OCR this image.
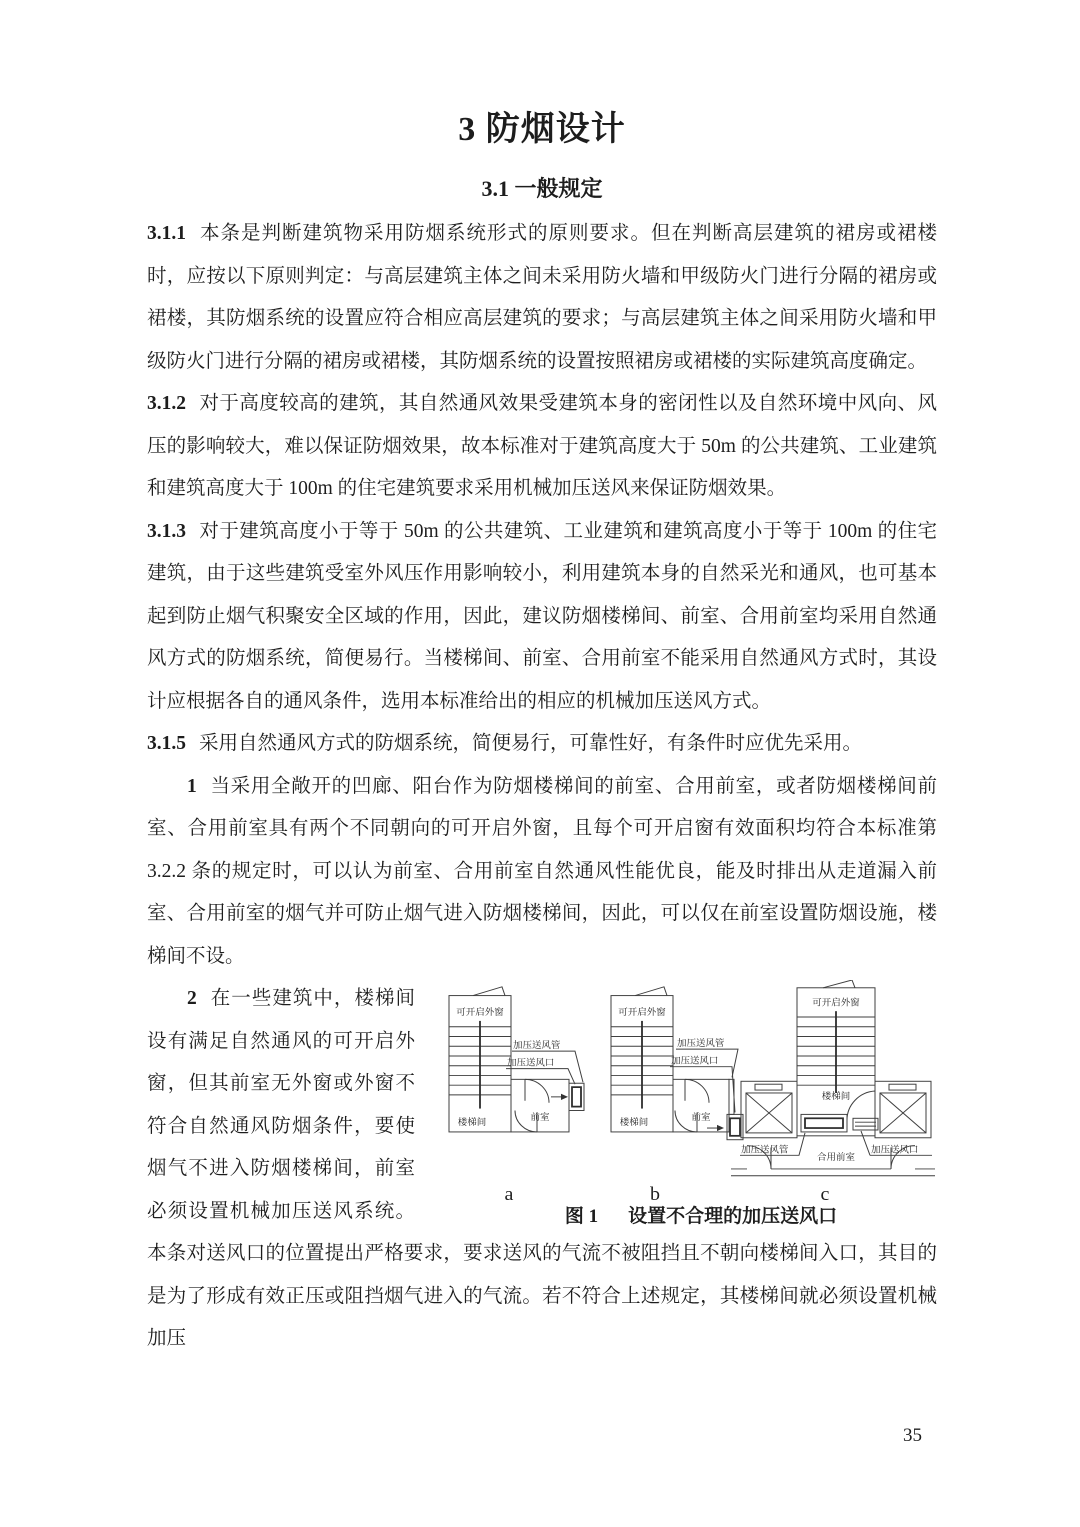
3 防烟设计
3.1 一般规定

3.1.1 本条是判断建筑物采用防烟系统形式的原则要求。但在判断高层建筑的裙房或裙楼时，应按以下原则判定：与高层建筑主体之间未采用防火墙和甲级防火门进行分隔的裙房或裙楼，其防烟系统的设置应符合相应高层建筑的要求；与高层建筑主体之间采用防火墙和甲级防火门进行分隔的裙房或裙楼，其防烟系统的设置按照裙房或裙楼的实际建筑高度确定。

3.1.2 对于高度较高的建筑，其自然通风效果受建筑本身的密闭性以及自然环境中风向、风压的影响较大，难以保证防烟效果，故本标准对于建筑高度大于 50m 的公共建筑、工业建筑和建筑高度大于 100m 的住宅建筑要求采用机械加压送风来保证防烟效果。

3.1.3 对于建筑高度小于等于 50m 的公共建筑、工业建筑和建筑高度小于等于 100m 的住宅建筑，由于这些建筑受室外风压作用影响较小，利用建筑本身的自然采光和通风，也可基本起到防止烟气积聚安全区域的作用，因此，建议防烟楼梯间、前室、合用前室均采用自然通风方式的防烟系统，简便易行。当楼梯间、前室、合用前室不能采用自然通风方式时，其设计应根据各自的通风条件，选用本标准给出的相应的机械加压送风方式。

3.1.5 采用自然通风方式的防烟系统，简便易行，可靠性好，有条件时应优先采用。

1 当采用全敞开的凹廊、阳台作为防烟楼梯间的前室、合用前室，或者防烟楼梯间前室、合用前室具有两个不同朝向的可开启外窗，且每个可开启窗有效面积均符合本标准第3.2.2 条的规定时，可以认为前室、合用前室自然通风性能优良，能及时排出从走道漏入前室、合用前室的烟气并可防止烟气进入防烟楼梯间，因此，可以仅在前室设置防烟设施，楼梯间不设。

可开启外窗
楼梯间	前室
加压送风管
加压送风口
可开启外窗
楼梯间	前室
加压送风管
加压送风口
可开启外窗
楼梯间
合用前室
加压送风管	加压送风口
a	b	c
图 1 设置不合理的加压送风口
2 在一些建筑中，楼梯间设有满足自然通风的可开启外窗，但其前室无外窗或外窗不符合自然通风防烟条件，要使烟气不进入防烟楼梯间，前室必须设置机械加压送风系统。本条对送风口的位置提出严格要求，要求送风的气流不被阻挡且不朝向楼梯间入口，其目的是为了形成有效正压或阻挡烟气进入的气流。若不符合上述规定，其楼梯间就必须设置机械加压

35
